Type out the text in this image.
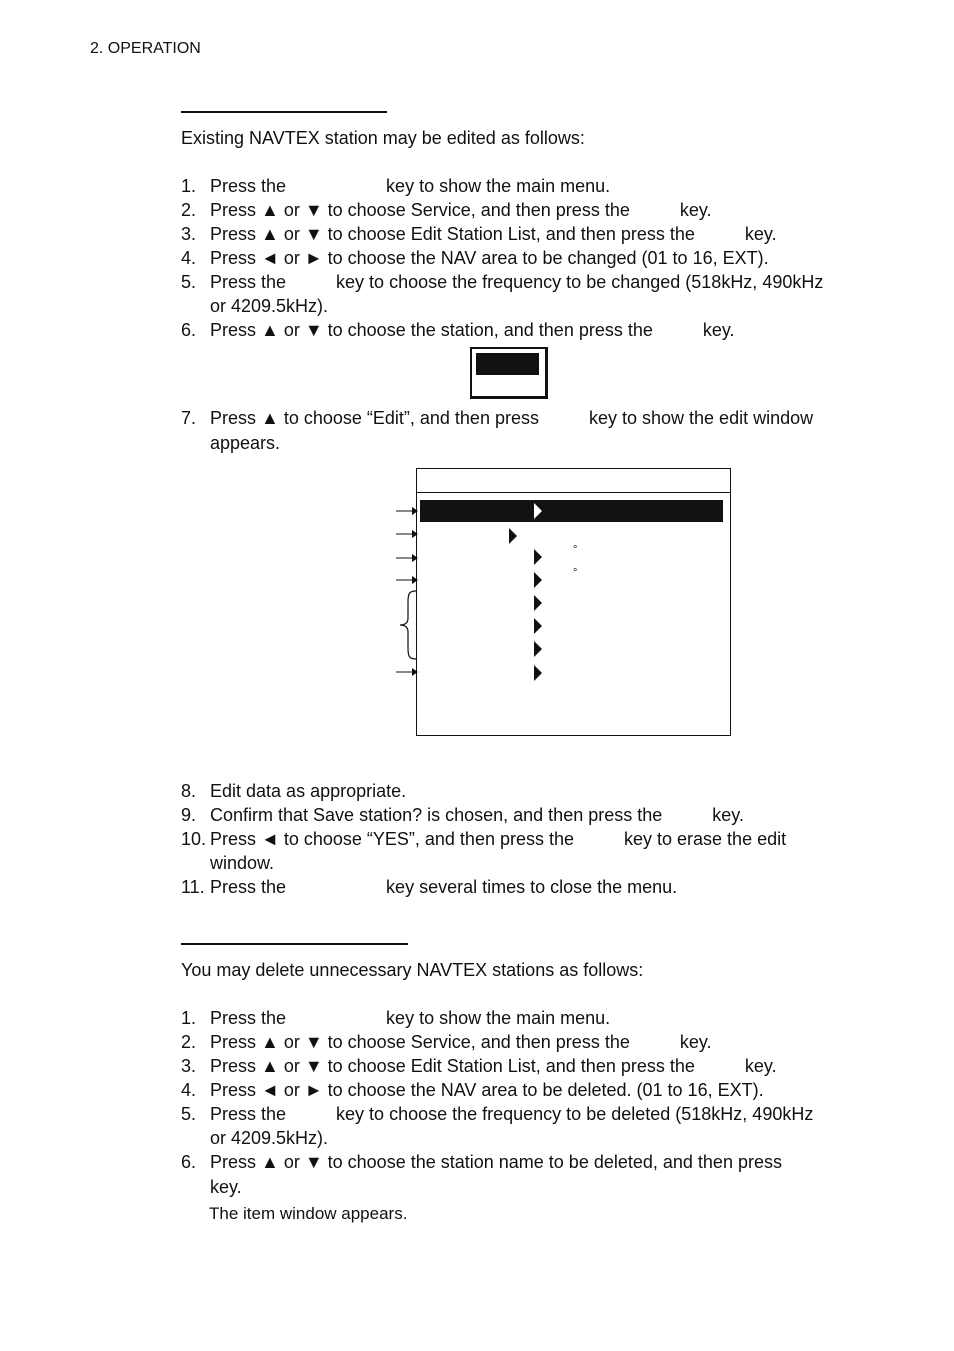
2. OPERATION
Existing NAVTEX station may be edited as follows:
1. Press the                    key to show the main menu.
2. Press ▲ or ▼ to choose Service, and then press the          key.
3. Press ▲ or ▼ to choose Edit Station List, and then press the          key.
4. Press ◄ or ► to choose the NAV area to be changed (01 to 16, EXT).
5. Press the          key to choose the frequency to be changed (518kHz, 490kHz
or 4209.5kHz).
6. Press ▲ or ▼ to choose the station, and then press the          key.
7. Press ▲ to choose “Edit”, and then press          key to show the edit window
appears.
°
°
8. Edit data as appropriate.
9. Confirm that Save station? is chosen, and then press the          key.
10. Press ◄ to choose “YES”, and then press the          key to erase the edit
window.
11. Press the                    key several times to close the menu.
You may delete unnecessary NAVTEX stations as follows:
1. Press the                    key to show the main menu.
2. Press ▲ or ▼ to choose Service, and then press the          key.
3. Press ▲ or ▼ to choose Edit Station List, and then press the          key.
4. Press ◄ or ► to choose the NAV area to be deleted. (01 to 16, EXT).
5. Press the          key to choose the frequency to be deleted (518kHz, 490kHz
or 4209.5kHz).
6. Press ▲ or ▼ to choose the station name to be deleted, and then press
key.
The item window appears.
